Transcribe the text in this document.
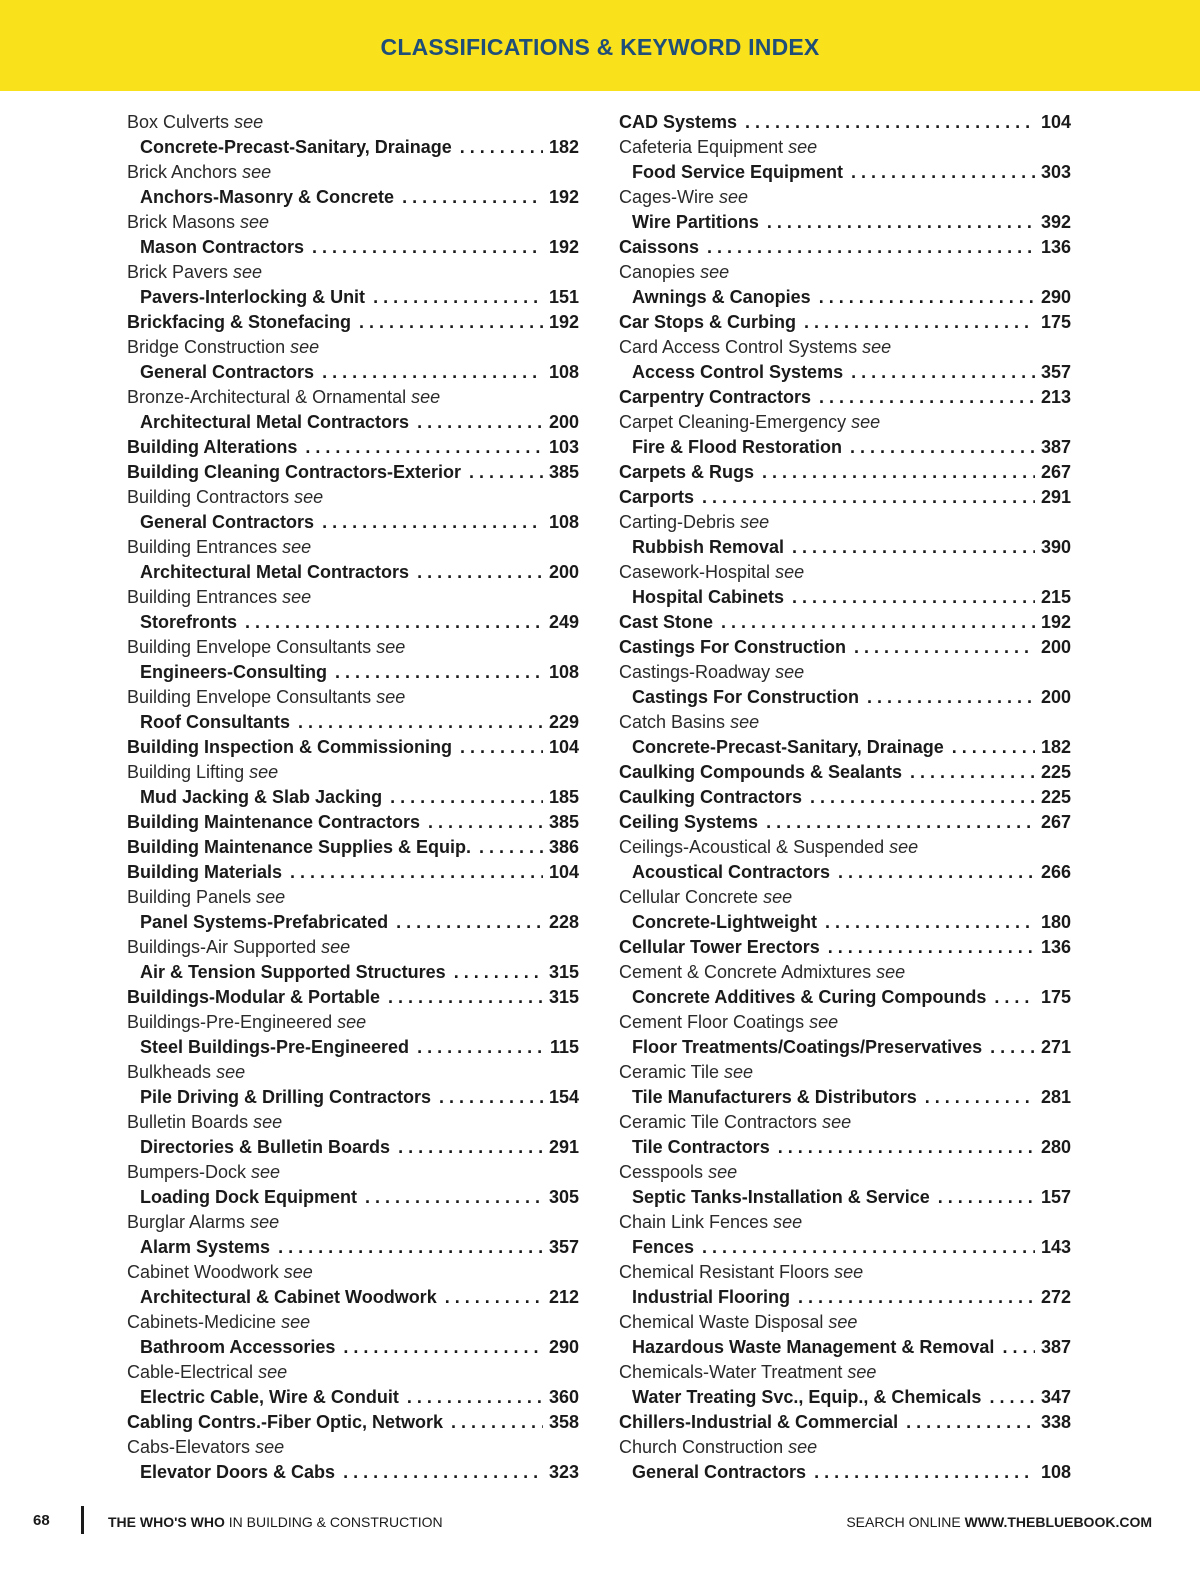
CLASSIFICATIONS & KEYWORD INDEX
Box Culverts
see
Concrete-Precast-Sanitary, Drainage . . .	182
Brick Anchors
see
Anchors-Masonry & Concrete . . .	192
Brick Masons
see
Mason Contractors . . .	192
Brick Pavers
see
Pavers-Interlocking & Unit . . .	151
Brickfacing & Stonefacing . . .	192
Bridge Construction
see
General Contractors . . .	108
Bronze-Architectural & Ornamental
see
Architectural Metal Contractors . . .	200
Building Alterations . . .	103
Building Cleaning Contractors-Exterior . . .	385
Building Contractors
see
General Contractors . . .	108
Building Entrances
see
Architectural Metal Contractors . . .	200
Building Entrances
see
Storefronts . . .	249
Building Envelope Consultants
see
Engineers-Consulting . . .	108
Building Envelope Consultants
see
Roof Consultants . . .	229
Building Inspection & Commissioning . . .	104
Building Lifting
see
Mud Jacking & Slab Jacking . . .	185
Building Maintenance Contractors . . .	385
Building Maintenance Supplies & Equip. . . .	386
Building Materials . . .	104
Building Panels
see
Panel Systems-Prefabricated . . .	228
Buildings-Air Supported
see
Air & Tension Supported Structures . . .	315
Buildings-Modular & Portable . . .	315
Buildings-Pre-Engineered
see
Steel Buildings-Pre-Engineered . . .	115
Bulkheads
see
Pile Driving & Drilling Contractors . . .	154
Bulletin Boards
see
Directories & Bulletin Boards . . .	291
Bumpers-Dock
see
Loading Dock Equipment . . .	305
Burglar Alarms
see
Alarm Systems . . .	357
Cabinet Woodwork
see
Architectural & Cabinet Woodwork . . .	212
Cabinets-Medicine
see
Bathroom Accessories . . .	290
Cable-Electrical
see
Electric Cable, Wire & Conduit . . .	360
Cabling Contrs.-Fiber Optic, Network . . .	358
Cabs-Elevators
see
Elevator Doors & Cabs . . .	323
CAD Systems . . .	104
Cafeteria Equipment
see
Food Service Equipment . . .	303
Cages-Wire
see
Wire Partitions . . .	392
Caissons . . .	136
Canopies
see
Awnings & Canopies . . .	290
Car Stops & Curbing . . .	175
Card Access Control Systems
see
Access Control Systems . . .	357
Carpentry Contractors . . .	213
Carpet Cleaning-Emergency
see
Fire & Flood Restoration . . .	387
Carpets & Rugs . . .	267
Carports . . .	291
Carting-Debris
see
Rubbish Removal . . .	390
Casework-Hospital
see
Hospital Cabinets . . .	215
Cast Stone . . .	192
Castings For Construction . . .	200
Castings-Roadway
see
Castings For Construction . . .	200
Catch Basins
see
Concrete-Precast-Sanitary, Drainage . . .	182
Caulking Compounds & Sealants . . .	225
Caulking Contractors . . .	225
Ceiling Systems . . .	267
Ceilings-Acoustical & Suspended
see
Acoustical Contractors . . .	266
Cellular Concrete
see
Concrete-Lightweight . . .	180
Cellular Tower Erectors . . .	136
Cement & Concrete Admixtures
see
Concrete Additives & Curing Compounds . . .	175
Cement Floor Coatings
see
Floor Treatments/Coatings/Preservatives . . .	271
Ceramic Tile
see
Tile Manufacturers & Distributors . . .	281
Ceramic Tile Contractors
see
Tile Contractors . . .	280
Cesspools
see
Septic Tanks-Installation & Service . . .	157
Chain Link Fences
see
Fences . . .	143
Chemical Resistant Floors
see
Industrial Flooring . . .	272
Chemical Waste Disposal
see
Hazardous Waste Management & Removal . . .	387
Chemicals-Water Treatment
see
Water Treating Svc., Equip., & Chemicals . . .	347
Chillers-Industrial & Commercial . . .	338
Church Construction
see
General Contractors . . .	108
68	THE WHO'S WHO IN BUILDING & CONSTRUCTION	SEARCH ONLINE WWW.THEBLUEBOOK.COM
